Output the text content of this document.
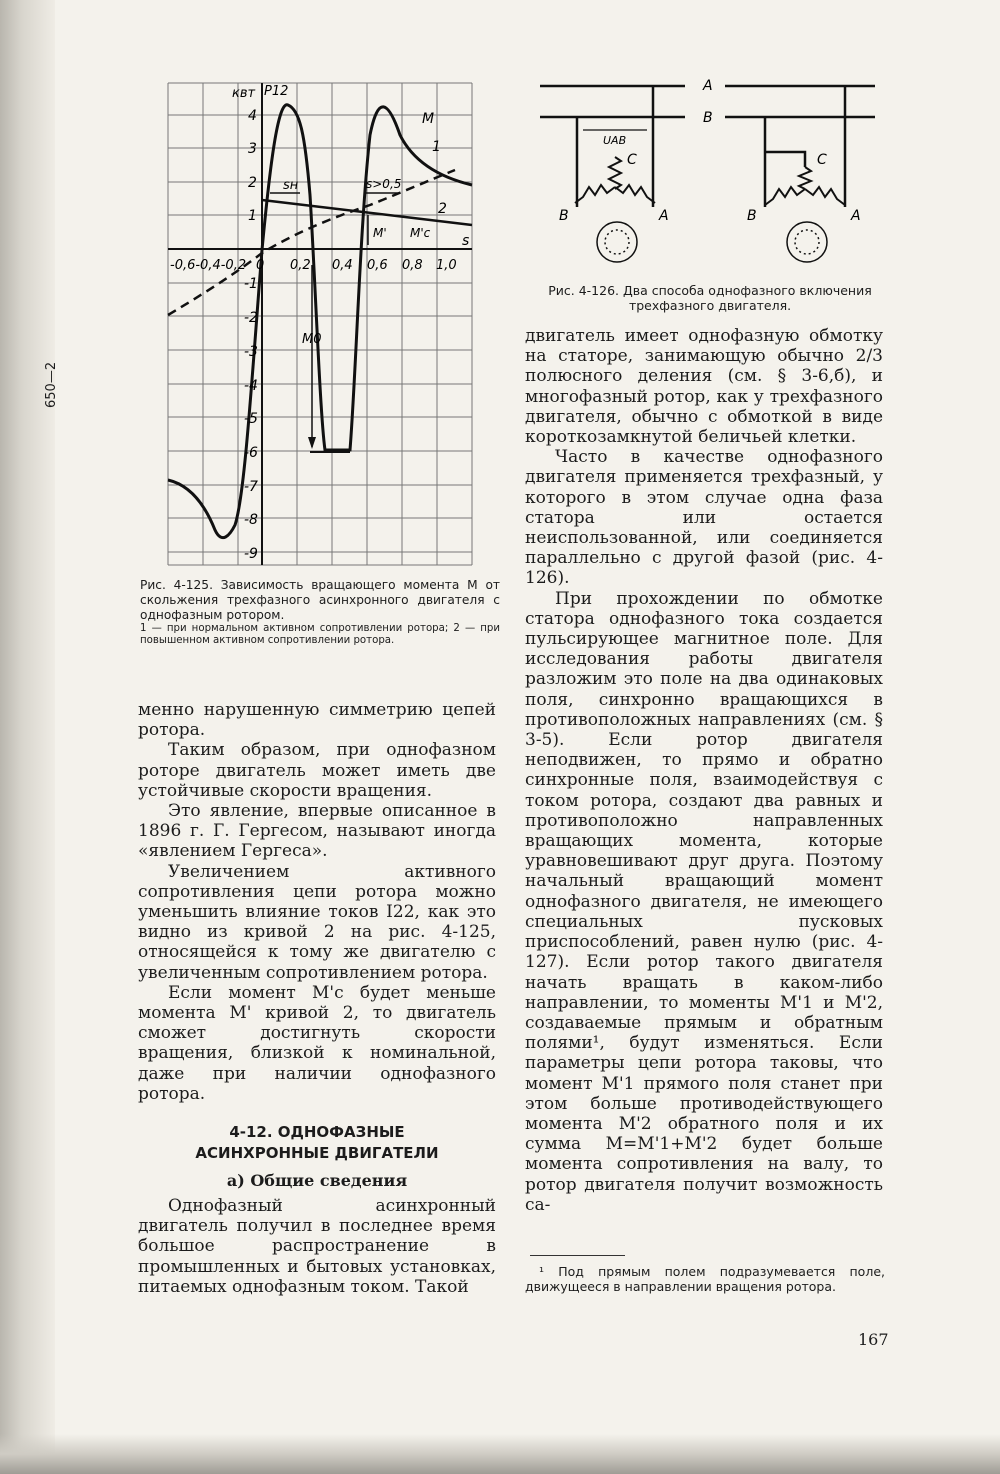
650—2
квт P12
s
4
3
2
1
-1
-2
-3
-4
-5
-6
-7
-8
-9
-0,6-0,4-0,2 0 0,2 0,4 0,6 0,8 1,0
M
1
2
sн	s>0,5
M' M'c
M0
Рис. 4-125. Зависимость вращающего момента M от скольжения трехфазного асинхронного двигателя с однофазным ротором.
1 — при нормальном активном сопротивлении ротора; 2 — при повышенном активном сопротивлении ротора.
A
B
UAB
C
B	A
C
B	A
Рис. 4-126. Два способа однофазного включения трехфазного двигателя.

менно нарушенную симметрию цепей ротора.

Таким образом, при однофазном роторе двигатель может иметь две устойчивые скорости вращения.

Это явление, впервые описанное в 1896 г. Г. Гергесом, называют иногда «явлением Гергеса».

Увеличением активного сопротивления цепи ротора можно уменьшить влияние токов I22, как это видно из кривой 2 на рис. 4-125, относящейся к тому же двигателю с увеличенным сопротивлением ротора.

Если момент M'c будет меньше момента M' кривой 2, то двигатель сможет достигнуть скорости вращения, близкой к номинальной, даже при наличии однофазного ротора.

4-12. ОДНОФАЗНЫЕ
АСИНХРОННЫЕ ДВИГАТЕЛИ
а) Общие сведения

Однофазный асинхронный двигатель получил в последнее время большое распространение в промышленных и бытовых установках, питаемых однофазным током. Такой

двигатель имеет однофазную обмотку на статоре, занимающую обычно 2/3 полюсного деления (см. § 3-6,б), и многофазный ротор, как у трехфазного двигателя, обычно с обмоткой в виде короткозамкнутой беличьей клетки.

Часто в качестве однофазного двигателя применяется трехфазный, у которого в этом случае одна фаза статора или остается неиспользованной, или соединяется параллельно с другой фазой (рис. 4-126).

При прохождении по обмотке статора однофазного тока создается пульсирующее магнитное поле. Для исследования работы двигателя разложим это поле на два одинаковых поля, синхронно вращающихся в противоположных направлениях (см. § 3-5). Если ротор двигателя неподвижен, то прямо и обратно синхронные поля, взаимодействуя с током ротора, создают два равных и противоположно направленных вращающих момента, которые уравновешивают друг друга. Поэтому начальный вращающий момент однофазного двигателя, не имеющего специальных пусковых приспособлений, равен нулю (рис. 4-127). Если ротор такого двигателя начать вращать в каком-либо направлении, то моменты M'1 и M'2, создаваемые прямым и обратным полями¹, будут изменяться. Если параметры цепи ротора таковы, что момент M'1 прямого поля станет при этом больше противодействующего момента M'2 обратного поля и их сумма M=M'1+M'2 будет больше момента сопротивления на валу, то ротор двигателя получит возможность са-

¹ Под прямым полем подразумевается поле, движущееся в направлении вращения ротора.
167
